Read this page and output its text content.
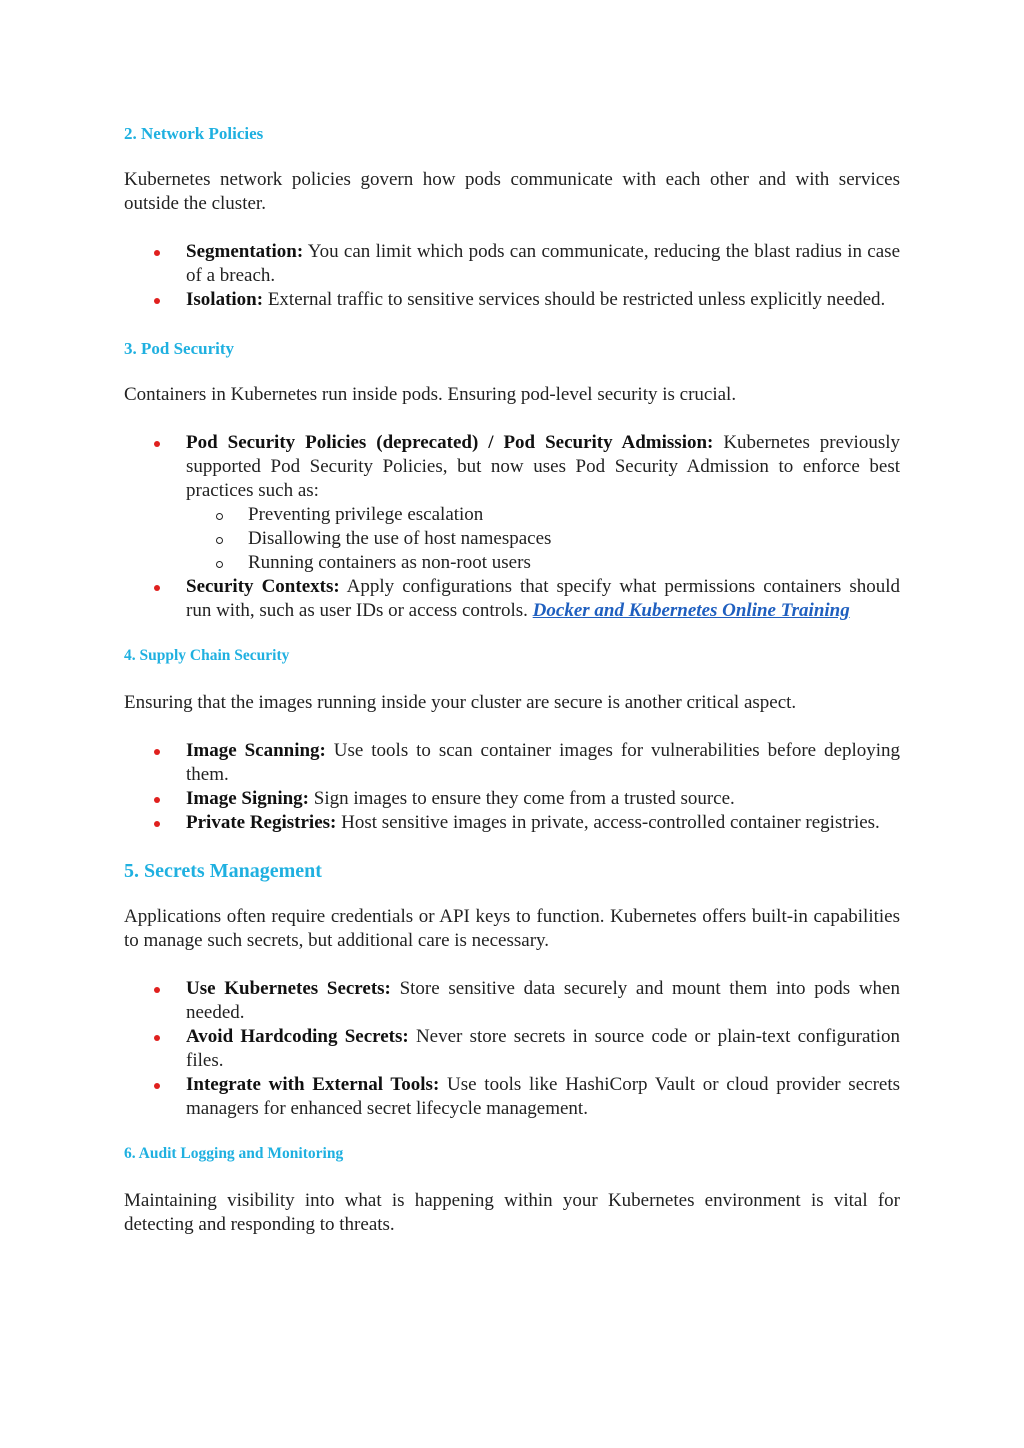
2. Network Policies

Kubernetes network policies govern how pods communicate with each other and with services outside the cluster.

Segmentation: You can limit which pods can communicate, reducing the blast radius in case of a breach.
Isolation: External traffic to sensitive services should be restricted unless explicitly needed.
3. Pod Security

Containers in Kubernetes run inside pods. Ensuring pod-level security is crucial.

Pod Security Policies (deprecated) / Pod Security Admission: Kubernetes previously supported Pod Security Policies, but now uses Pod Security Admission to enforce best practices such as:
Preventing privilege escalation
Disallowing the use of host namespaces
Running containers as non-root users
Security Contexts: Apply configurations that specify what permissions containers should run with, such as user IDs or access controls. Docker and Kubernetes Online Training
4. Supply Chain Security

Ensuring that the images running inside your cluster are secure is another critical aspect.

Image Scanning: Use tools to scan container images for vulnerabilities before deploying them.
Image Signing: Sign images to ensure they come from a trusted source.
Private Registries: Host sensitive images in private, access-controlled container registries.
5. Secrets Management

Applications often require credentials or API keys to function. Kubernetes offers built-in capabilities to manage such secrets, but additional care is necessary.

Use Kubernetes Secrets: Store sensitive data securely and mount them into pods when needed.
Avoid Hardcoding Secrets: Never store secrets in source code or plain-text configuration files.
Integrate with External Tools: Use tools like HashiCorp Vault or cloud provider secrets managers for enhanced secret lifecycle management.
6. Audit Logging and Monitoring

Maintaining visibility into what is happening within your Kubernetes environment is vital for detecting and responding to threats.
